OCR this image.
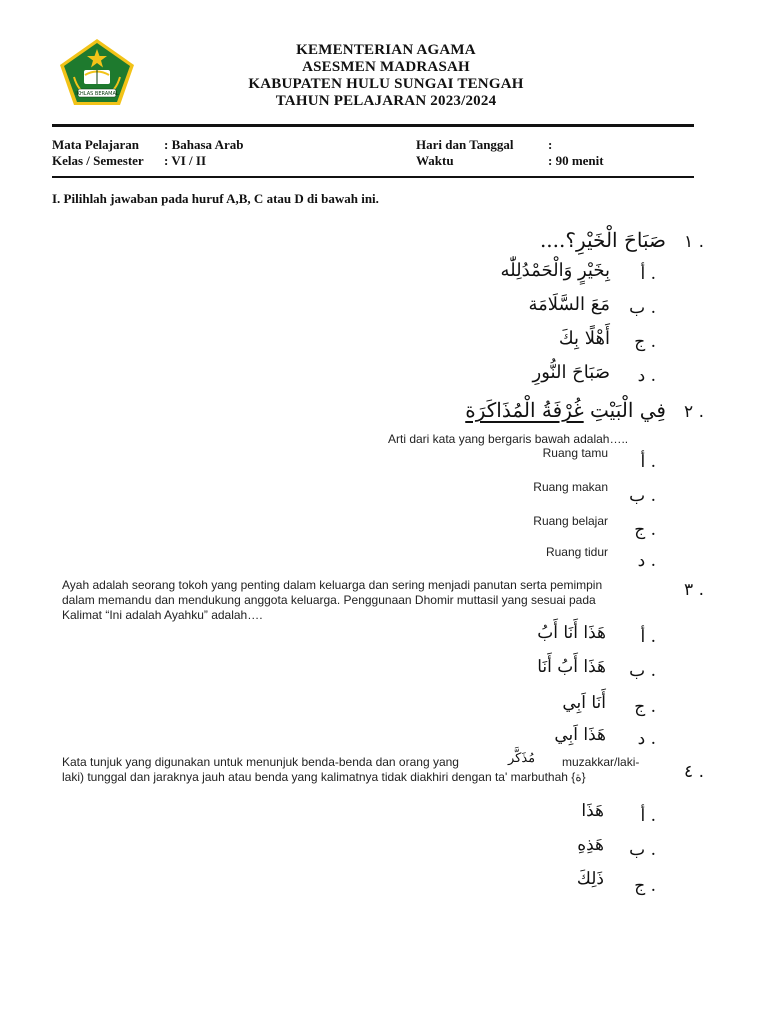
IKHLAS BERAMAL
KEMENTERIAN AGAMA
ASESMEN MADRASAH
KABUPATEN HULU SUNGAI TENGAH
TAHUN PELAJARAN 2023/2024
Mata Pelajaran : Bahasa Arab
Kelas / Semester : VI / II
Hari dan Tanggal	:
Waktu	: 90 menit
I. Pilihlah jawaban pada huruf A,B, C atau D di bawah ini.
١ .
صَبَاحَ الْخَيْرِ؟....
أ .
بِخَيْرٍ وَالْحَمْدُلِلّٰه
ب .
مَعَ السَّلَامَة
ج .
أَهْلًا بِكَ
د .
صَبَاحَ النُّورِ
٢ .
فِي الْبَيْتِ غُرْفَةُ الْمُذَاكَرَة
Arti dari kata yang bergaris bawah adalah…..
أ .
Ruang tamu
ب .
Ruang makan
ج .
Ruang belajar
د .
Ruang tidur
٣ .
Ayah adalah seorang tokoh yang penting dalam keluarga dan sering menjadi panutan serta pemimpin
dalam memandu dan mendukung anggota keluarga. Penggunaan Dhomir muttasil yang sesuai pada
Kalimat “Ini adalah Ayahku” adalah….
أ .
هَذَا أَنَا أَبُ
ب .
هَذَا أَبُ أَنَا
ج .
أَنَا اَبِي
د .
هَذَا اَبِي
٤ .
Kata tunjuk yang digunakan untuk menunjuk benda-benda dan orang yang	مُذَكَّر muzakkar/laki-
laki) tunggal dan jaraknya jauh atau benda yang kalimatnya tidak diakhiri dengan ta' marbuthah {ة}
أ .
هَذَا
ب .
هَذِهِ
ج .
ذَلِكَ
